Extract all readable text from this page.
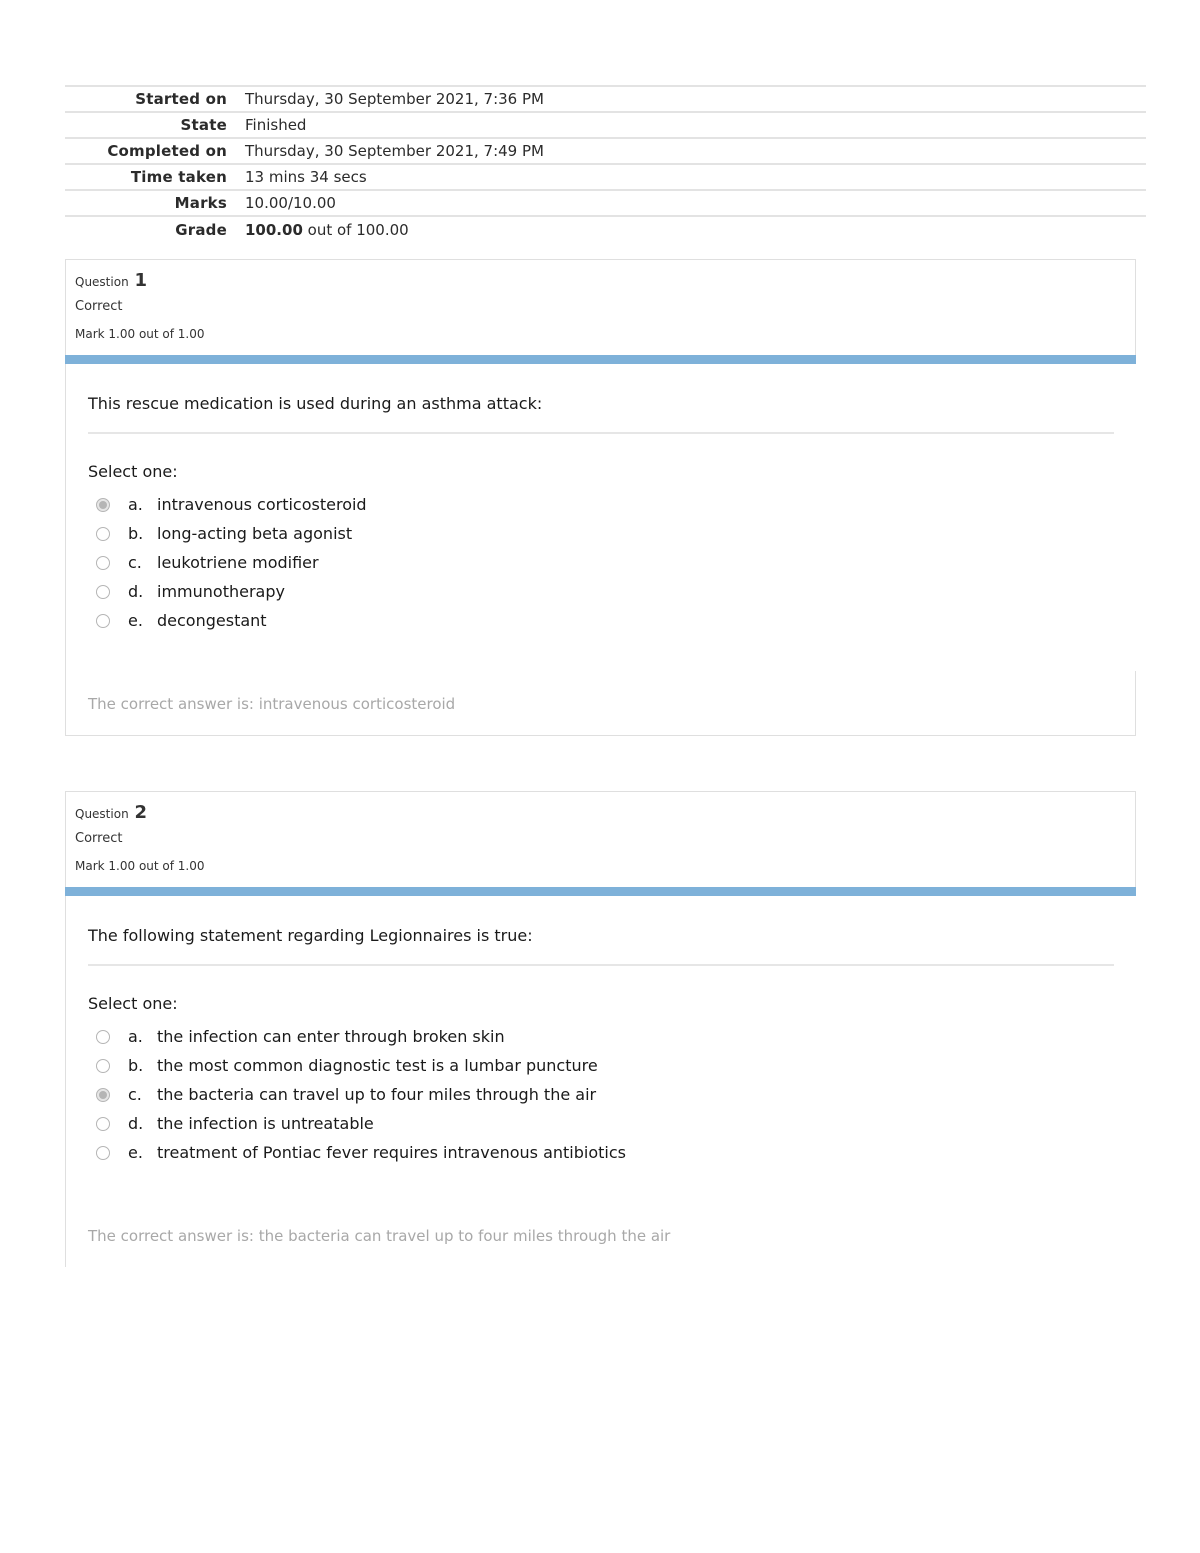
Started on	Thursday, 30 September 2021, 7:36 PM
State	Finished
Completed on	Thursday, 30 September 2021, 7:49 PM
Time taken	13 mins 34 secs
Marks	10.00/10.00
Grade	100.00 out of 100.00
Question 1
Correct
Mark 1.00 out of 1.00
This rescue medication is used during an asthma attack:
Select one:
a. intravenous corticosteroid
b. long-acting beta agonist
c. leukotriene modifier
d. immunotherapy
e. decongestant
The correct answer is: intravenous corticosteroid
Question 2
Correct
Mark 1.00 out of 1.00
The following statement regarding Legionnaires is true:
Select one:
a. the infection can enter through broken skin
b. the most common diagnostic test is a lumbar puncture
c. the bacteria can travel up to four miles through the air
d. the infection is untreatable
e. treatment of Pontiac fever requires intravenous antibiotics
The correct answer is: the bacteria can travel up to four miles through the air
